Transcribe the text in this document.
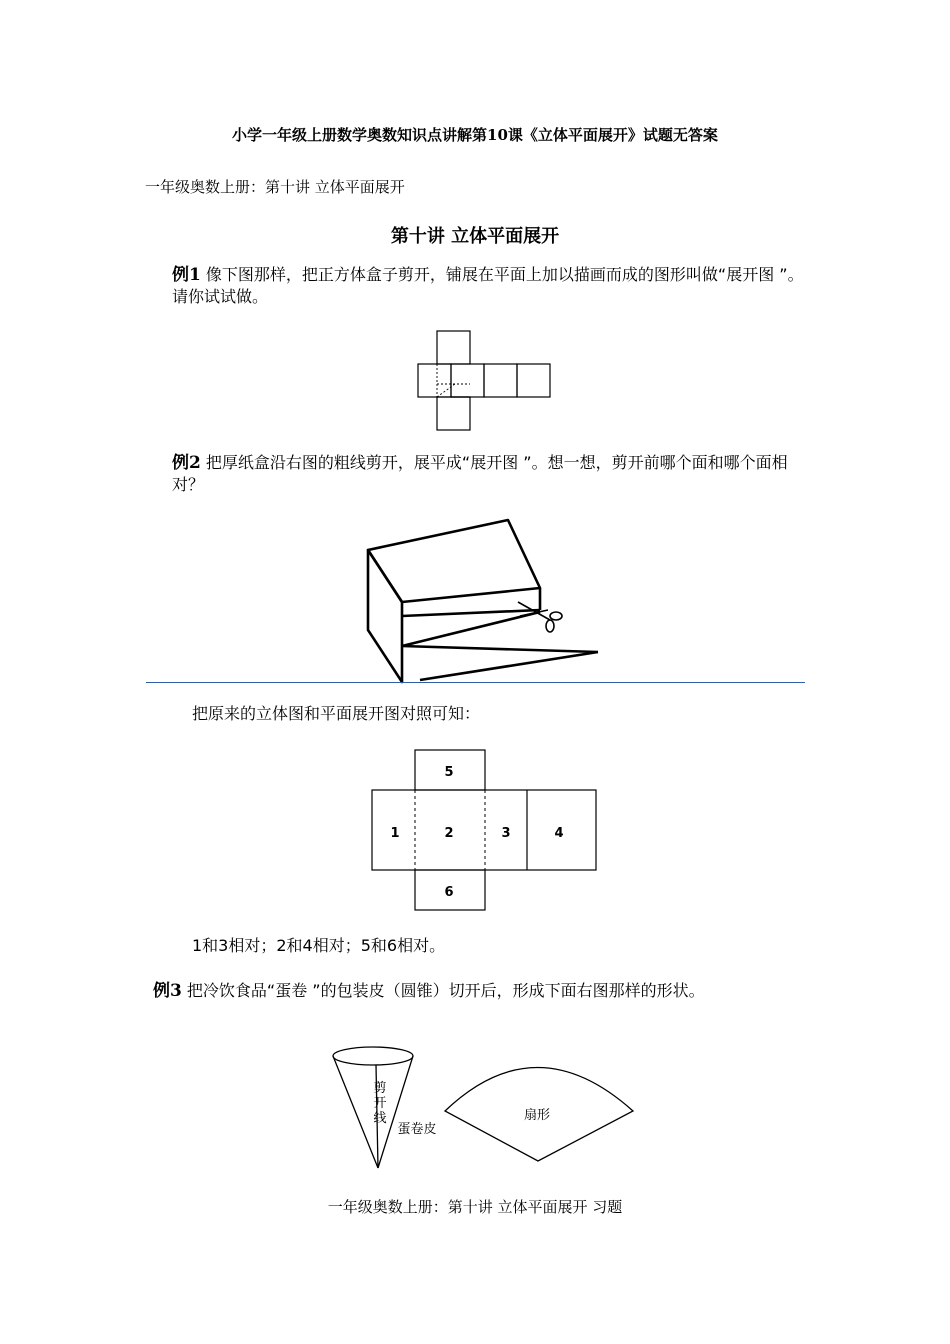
小学一年级上册数学奥数知识点讲解第10课《立体平面展开》试题无答案
一年级奥数上册：第十讲 立体平面展开
第十讲 立体平面展开
例1 像下图那样，把正方体盒子剪开，铺展在平面上加以描画而成的图形叫做“展开图 ”。请你试试做。
例2 把厚纸盒沿右图的粗线剪开，展平成“展开图 ”。想一想，剪开前哪个面和哪个面相对？
把原来的立体图和平面展开图对照可知：
5
1	2	3	4
6
1和3相对；2和4相对；5和6相对。
例3 把冷饮食品“蛋卷 ”的包装皮（圆锥）切开后，形成下面右图那样的形状。
剪
开
线
蛋卷皮
扇形
一年级奥数上册：第十讲 立体平面展开 习题
